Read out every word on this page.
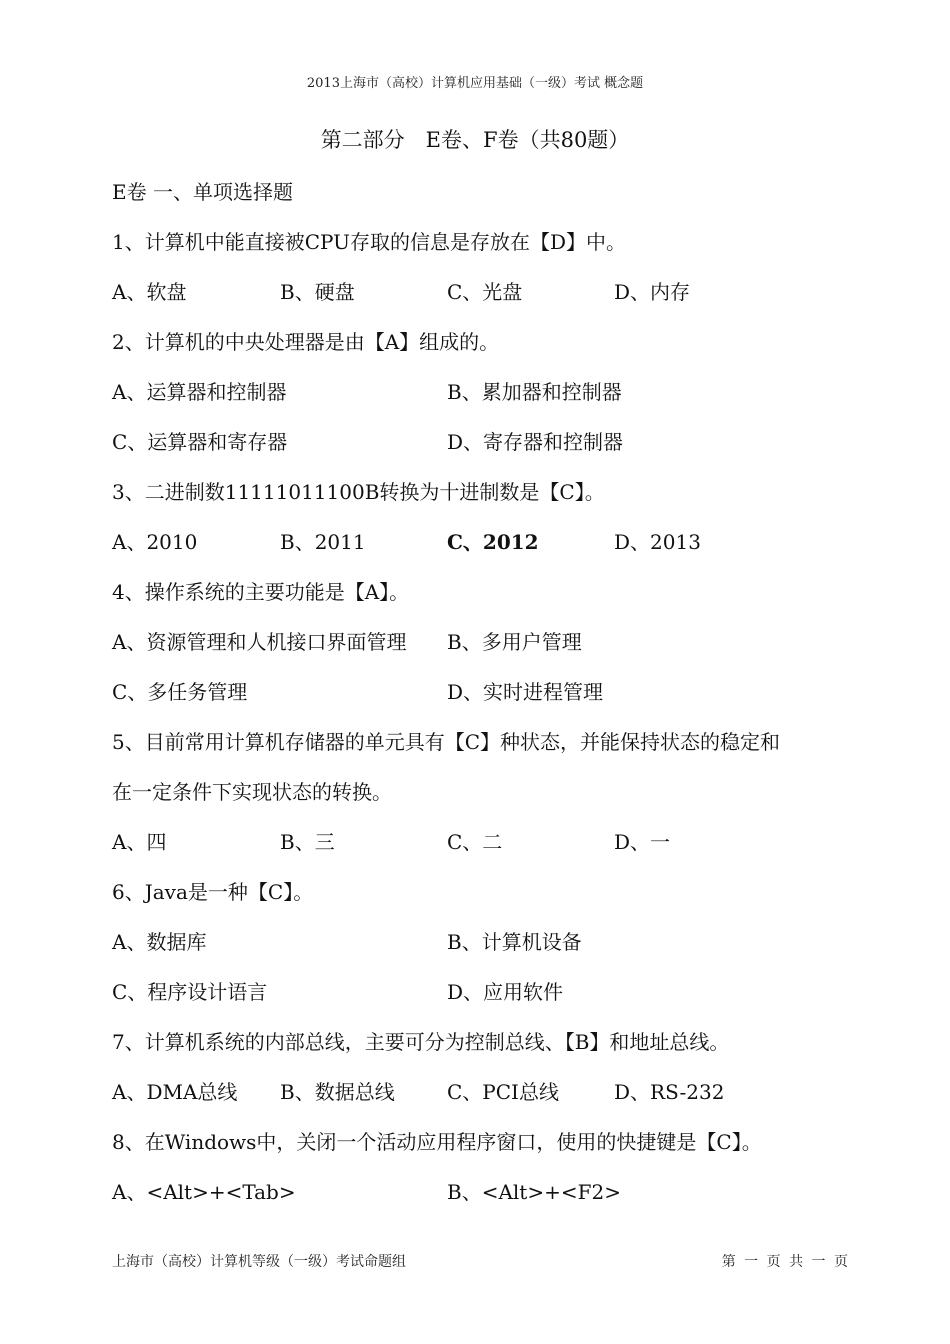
2013上海市（高校）计算机应用基础（一级）考试 概念题
第二部分　E卷、F卷（共80题）
E卷 一、单项选择题
1、计算机中能直接被CPU存取的信息是存放在【D】中。
A、软盘	B、硬盘	C、光盘	D、内存
2、计算机的中央处理器是由【A】组成的。
A、运算器和控制器	B、累加器和控制器
C、运算器和寄存器	D、寄存器和控制器
3、二进制数11111011100B转换为十进制数是【C】。
A、2010	B、2011	C、2012	D、2013
4、操作系统的主要功能是【A】。
A、资源管理和人机接口界面管理 B、多用户管理
C、多任务管理	D、实时进程管理
5、目前常用计算机存储器的单元具有【C】种状态，并能保持状态的稳定和
在一定条件下实现状态的转换。
A、四	B、三	C、二	D、一
6、Java是一种【C】。
A、数据库	B、计算机设备
C、程序设计语言	D、应用软件
7、计算机系统的内部总线，主要可分为控制总线、【B】和地址总线。
A、DMA总线 B、数据总线	C、PCI总线	D、RS-232
8、在Windows中，关闭一个活动应用程序窗口，使用的快捷键是【C】。
A、<Alt>+<Tab>	B、<Alt>+<F2>
上海市（高校）计算机等级（一级）考试命题组	第 一 页 共 一 页
